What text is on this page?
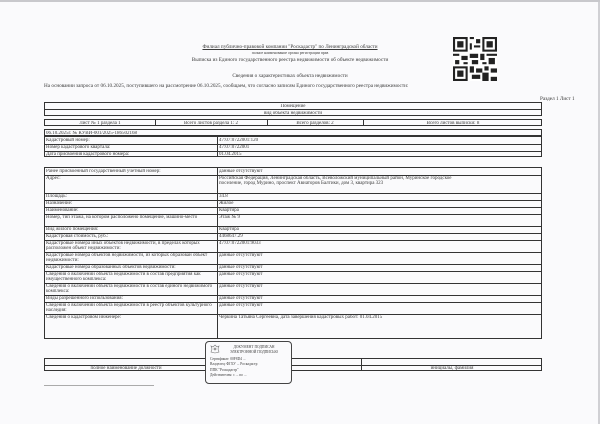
Филиал публично-правовой компании "Роскадастр" по Ленинградской области
полное наименование органа регистрации прав
Выписка из Единого государственного реестра недвижимости об объекте недвижимости
Сведения о характеристиках объекта недвижимости
На основании запроса от 06.10.2025, поступившего на рассмотрение 06.10.2025, сообщаем, что согласно записям Единого государственного реестра недвижимости:
Раздел 1 Лист 1
Помещение
вид объекта недвижимости
Лист № 1 раздела 1	Всего листов раздела 1: 2	Всего разделов: 2	Всего листов выписки: 8
06.10.2025г. № КУВИ-001/2025-186502168
Кадастровый номер:	47:07:0722001:120
Номер кадастрового квартала:	47:07:0722001
Дата присвоения кадастрового номера:	01.04.2015
Ранее присвоенный государственный учетный номер:	данные отсутствуют
Адрес:	Российская Федерация, Ленинградская область, Всеволожский муниципальный район, Муринское городское поселение, город Мурино, проспект Авиаторов Балтики, дом 3, квартира 323
Площадь:	34.8
Назначение:	Жилое
Наименование:	Квартира
Номер, тип этажа, на котором расположено помещение, машино-место	Этаж № 9
Вид жилого помещения:	Квартира
Кадастровая стоимость, руб.:	4468647.29
Кадастровые номера иных объектов недвижимости, в пределах которых расположен объект недвижимости:
47:07:0722001:9033
Кадастровые номера объектов недвижимости, из которых образован объект недвижимости:
данные отсутствуют
Кадастровые номера образованных объектов недвижимости:	данные отсутствуют
Сведения о включении объекта недвижимости в состав предприятия как имущественного комплекса:
данные отсутствуют
Сведения о включении объекта недвижимости в состав единого недвижимого комплекса:
данные отсутствуют
Виды разрешенного использования:	данные отсутствуют
Сведения о включении объекта недвижимости в реестр объектов культурного наследия:
данные отсутствуют
Сведения о кадастровом инженере:	Черкина Татьяна Сергеевна, дата завершения кадастровых работ: 01.04.2015
полное наименование должности	инициалы, фамилия
ДОКУМЕНТ ПОДПИСАН
ЭЛЕКТРОННОЙ ПОДПИСЬЮ
Сертификат: 00F8D4 ...
Владелец: ФГБУ ... Роскадастр
ППК "Роскадастр"
Действителен: с ... по ...
